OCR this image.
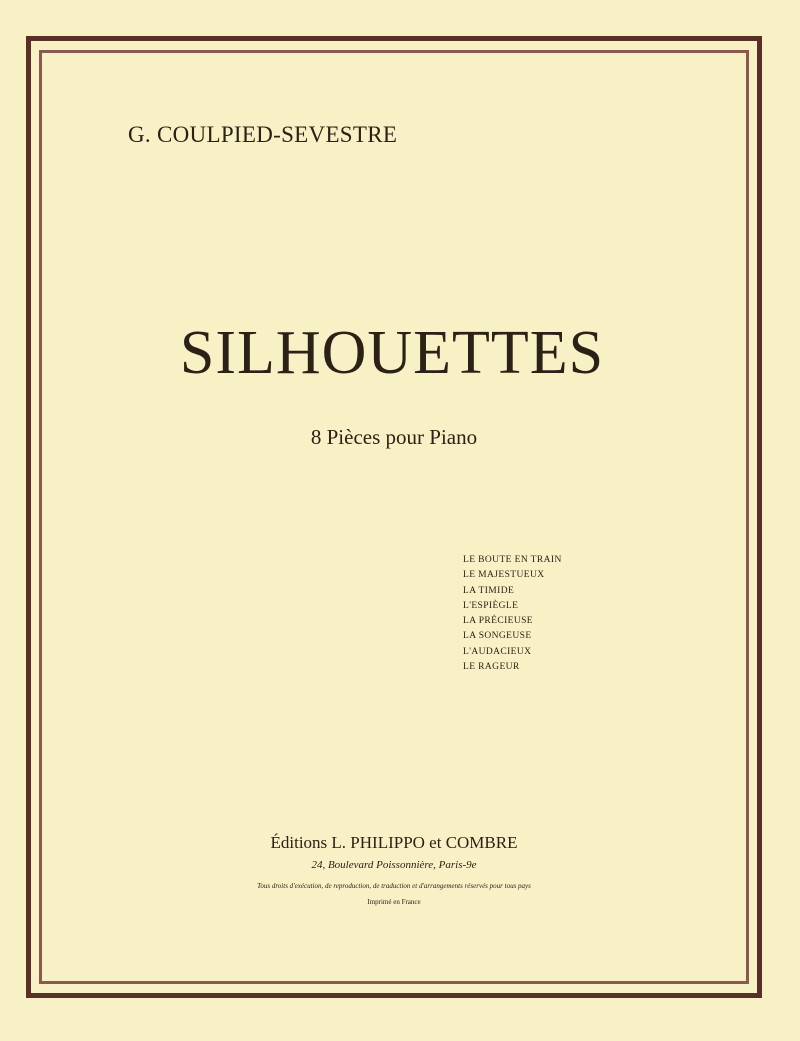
G. COULPIED-SEVESTRE
SILHOUETTES
8 Pièces pour Piano
LE BOUTE EN TRAIN
LE MAJESTUEUX
LA TIMIDE
L'ESPIÈGLE
LA PRÉCIEUSE
LA SONGEUSE
L'AUDACIEUX
LE RAGEUR
Éditions L. PHILIPPO et COMBRE
24, Boulevard Poissonnière, Paris-9e
Tous droits d'exécution, de reproduction, de traduction et d'arrangements réservés pour tous pays
Imprimé en France
